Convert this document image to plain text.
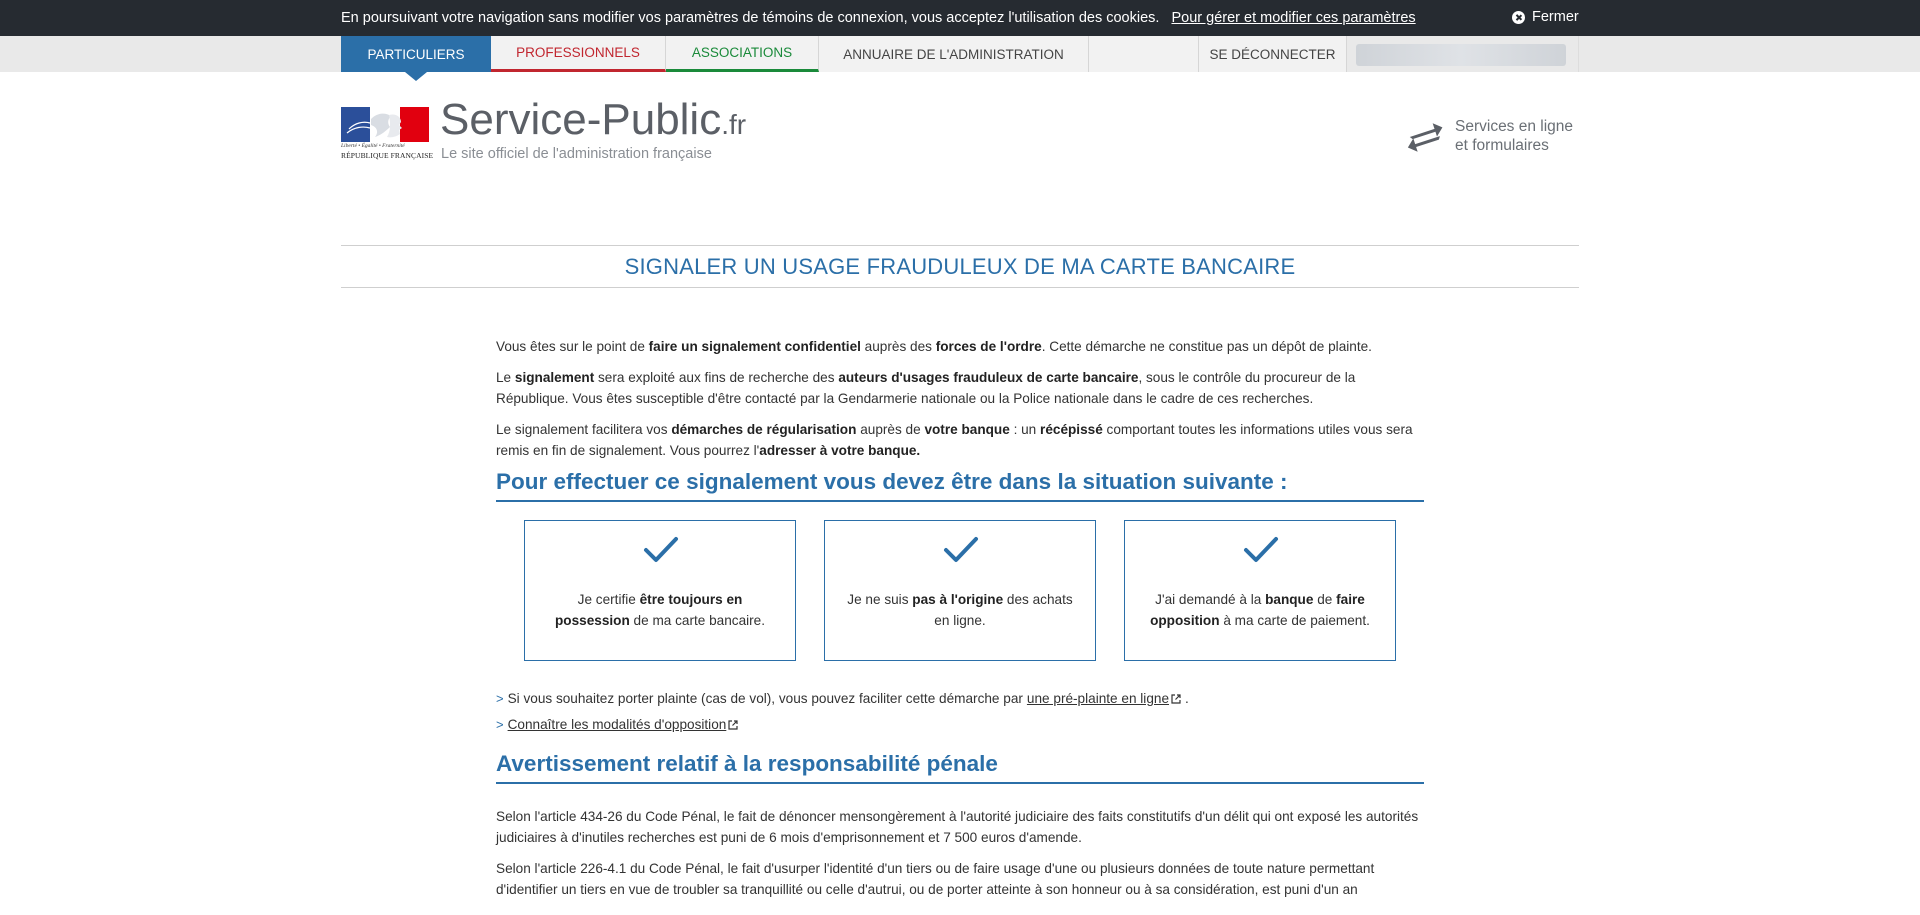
En poursuivant votre navigation sans modifier vos paramètres de témoins de connexion, vous acceptez l'utilisation des cookies. Pour gérer et modifier ces paramètres	Fermer
PARTICULIERS	PROFESSIONNELS	ASSOCIATIONS	ANNUAIRE DE L'ADMINISTRATION	SE DÉCONNECTER
Liberté • Égalité • Fraternité
RÉPUBLIQUE FRANÇAISE
Service-Public.fr
Le site officiel de l'administration française
Services en ligne
et formulaires
SIGNALER UN USAGE FRAUDULEUX DE MA CARTE BANCAIRE

Vous êtes sur le point de faire un signalement confidentiel auprès des forces de l'ordre. Cette démarche ne constitue pas un dépôt de plainte.

Le signalement sera exploité aux fins de recherche des auteurs d'usages frauduleux de carte bancaire, sous le contrôle du procureur de la République. Vous êtes susceptible d'être contacté par la Gendarmerie nationale ou la Police nationale dans le cadre de ces recherches.

Le signalement facilitera vos démarches de régularisation auprès de votre banque : un récépissé comportant toutes les informations utiles vous sera remis en fin de signalement. Vous pourrez l'adresser à votre banque.

Pour effectuer ce signalement vous devez être dans la situation suivante :
Je certifie être toujours en possession de ma carte bancaire.
Je ne suis pas à l'origine des achats en ligne.
J'ai demandé à la banque de faire opposition à ma carte de paiement.
> Si vous souhaitez porter plainte (cas de vol), vous pouvez faciliter cette démarche par une pré-plainte en ligne	.
> Connaître les modalités d'opposition
Avertissement relatif à la responsabilité pénale

Selon l'article 434-26 du Code Pénal, le fait de dénoncer mensongèrement à l'autorité judiciaire des faits constitutifs d'un délit qui ont exposé les autorités judiciaires à d'inutiles recherches est puni de 6 mois d'emprisonnement et 7 500 euros d'amende.

Selon l'article 226-4.1 du Code Pénal, le fait d'usurper l'identité d'un tiers ou de faire usage d'une ou plusieurs données de toute nature permettant d'identifier un tiers en vue de troubler sa tranquillité ou celle d'autrui, ou de porter atteinte à son honneur ou à sa considération, est puni d'un an
